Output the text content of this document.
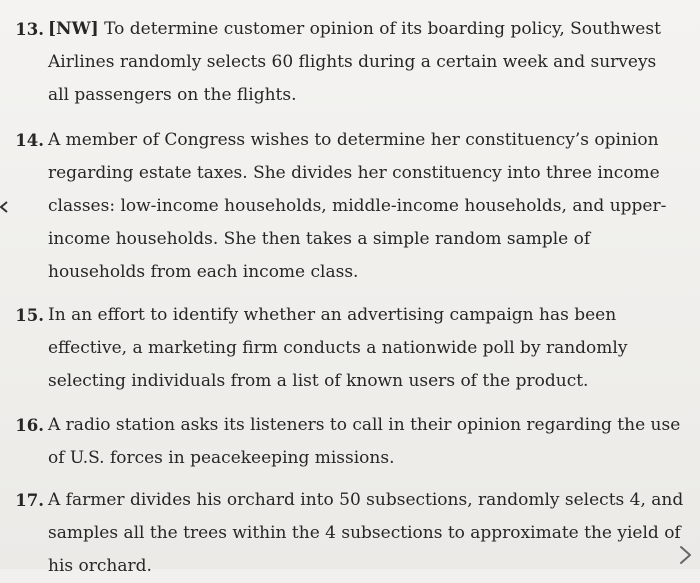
13. [NW] To determine customer opinion of its boarding policy, Southwest
Airlines randomly selects 60 flights during a certain week and surveys
all passengers on the flights.
14. A member of Congress wishes to determine her constituency’s opinion
regarding estate taxes. She divides her constituency into three income
classes: low-income households, middle-income households, and upper-
income households. She then takes a simple random sample of
households from each income class.
15. In an effort to identify whether an advertising campaign has been
effective, a marketing firm conducts a nationwide poll by randomly
selecting individuals from a list of known users of the product.
16. A radio station asks its listeners to call in their opinion regarding the use
of U.S. forces in peacekeeping missions.
17. A farmer divides his orchard into 50 subsections, randomly selects 4, and
samples all the trees within the 4 subsections to approximate the yield of
his orchard.
